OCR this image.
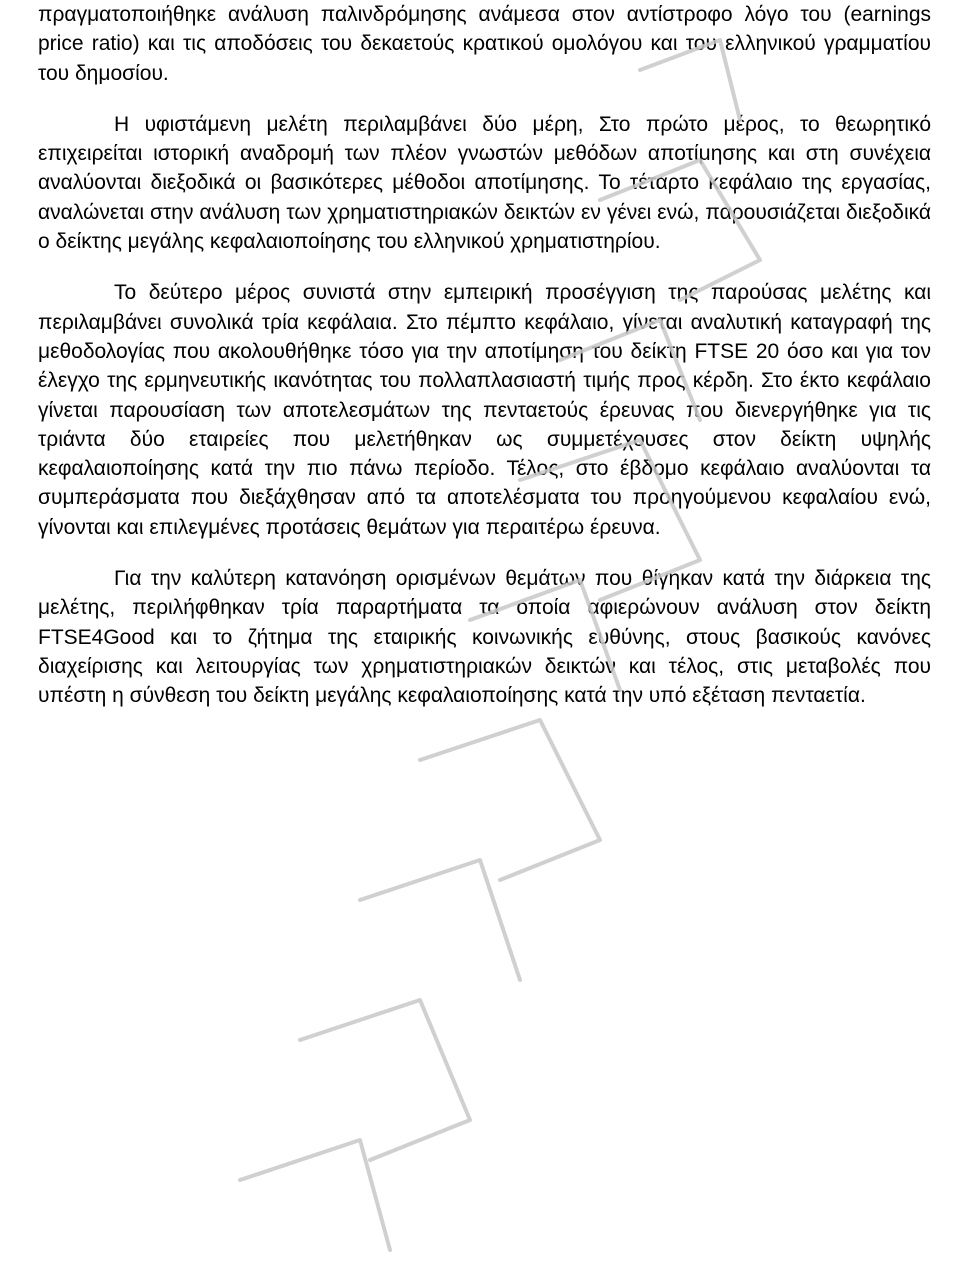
πραγματοποιήθηκε ανάλυση παλινδρόμησης ανάμεσα στον αντίστροφο λόγο του (earnings price ratio) και τις αποδόσεις του δεκαετούς κρατικού ομολόγου και του ελληνικού γραμματίου του δημοσίου.

Η υφιστάμενη μελέτη περιλαμβάνει δύο μέρη, Στο πρώτο μέρος, το θεωρητικό επιχειρείται ιστορική αναδρομή των πλέον γνωστών μεθόδων αποτίμησης και στη συνέχεια αναλύονται διεξοδικά οι βασικότερες μέθοδοι αποτίμησης. Το τέταρτο κεφάλαιο της εργασίας, αναλώνεται στην ανάλυση των χρηματιστηριακών δεικτών εν γένει ενώ, παρουσιάζεται διεξοδικά ο δείκτης μεγάλης κεφαλαιοποίησης του ελληνικού χρηματιστηρίου.

Το δεύτερο μέρος συνιστά στην εμπειρική προσέγγιση της παρούσας μελέτης και περιλαμβάνει συνολικά τρία κεφάλαια. Στο πέμπτο κεφάλαιο, γίνεται αναλυτική καταγραφή της μεθοδολογίας που ακολουθήθηκε τόσο για την αποτίμηση του δείκτη FTSE 20 όσο και για τον έλεγχο της ερμηνευτικής ικανότητας του πολλαπλασιαστή τιμής προς κέρδη. Στο έκτο κεφάλαιο γίνεται παρουσίαση των αποτελεσμάτων της πενταετούς έρευνας που διενεργήθηκε για τις τριάντα δύο εταιρείες που μελετήθηκαν ως συμμετέχουσες στον δείκτη υψηλής κεφαλαιοποίησης κατά την πιο πάνω περίοδο. Τέλος, στο έβδομο κεφάλαιο αναλύονται τα συμπεράσματα που διεξάχθησαν από τα αποτελέσματα του προηγούμενου κεφαλαίου ενώ, γίνονται και επιλεγμένες προτάσεις θεμάτων για περαιτέρω έρευνα.

Για την καλύτερη κατανόηση ορισμένων θεμάτων που θίγηκαν κατά την διάρκεια της μελέτης, περιλήφθηκαν τρία παραρτήματα τα οποία αφιερώνουν ανάλυση στον δείκτη FTSE4Good και το ζήτημα της εταιρικής κοινωνικής ευθύνης, στους βασικούς κανόνες διαχείρισης και λειτουργίας των χρηματιστηριακών δεικτών και τέλος, στις μεταβολές που υπέστη η σύνθεση του δείκτη μεγάλης κεφαλαιοποίησης κατά την υπό εξέταση πενταετία.
